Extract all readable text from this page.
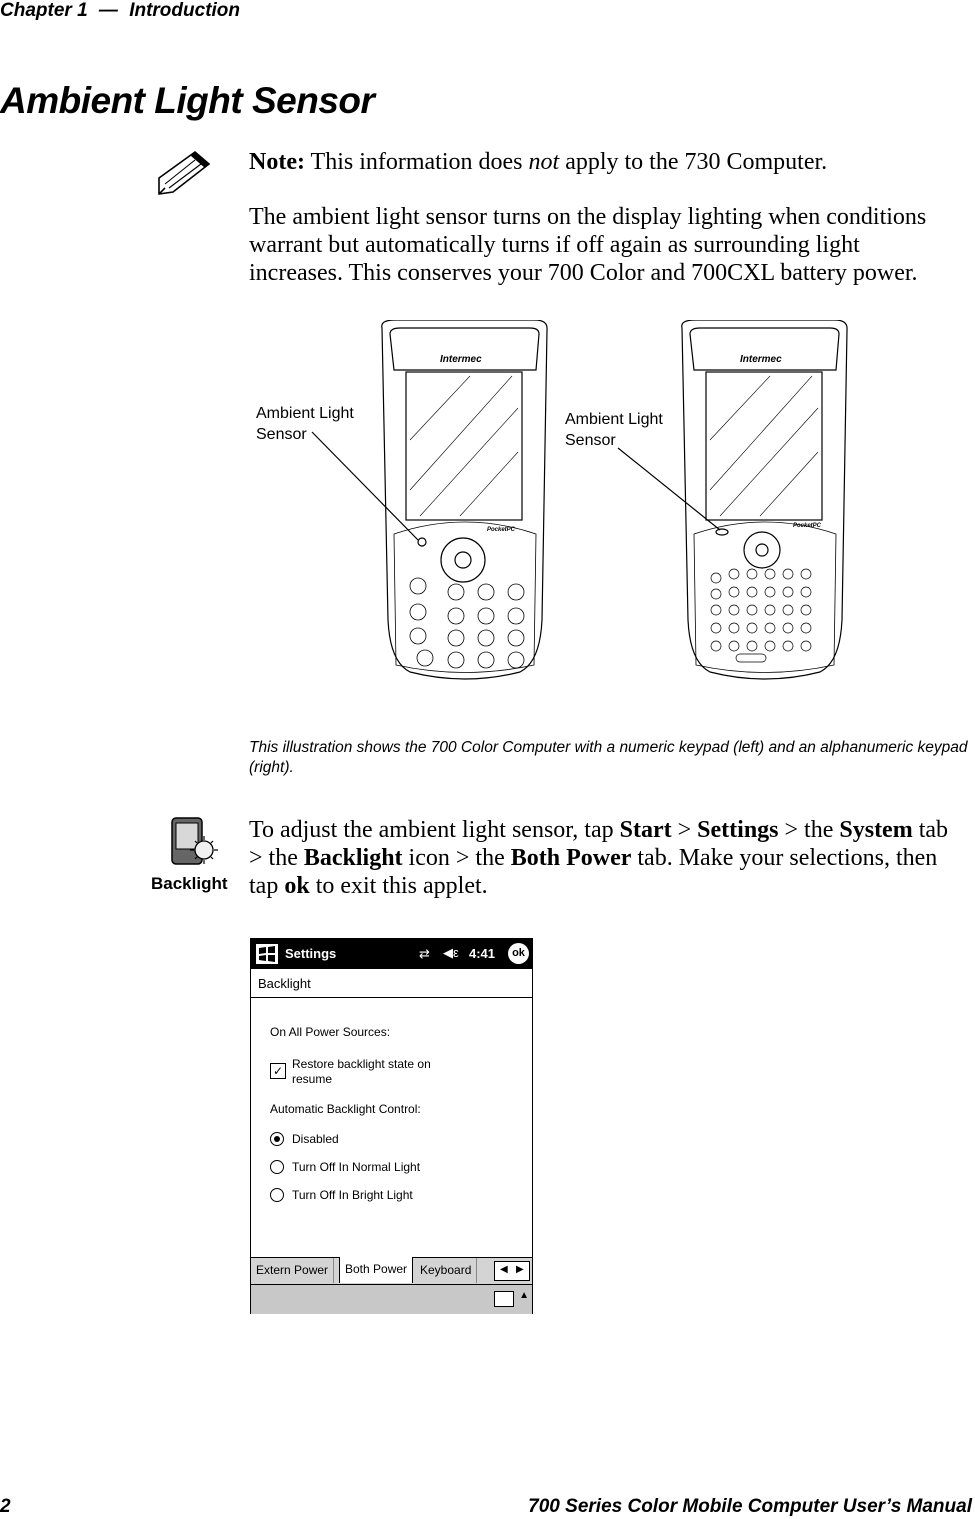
Chapter 1 — Introduction
Ambient Light Sensor
Note: This information does not apply to the 730 Computer.
The ambient light sensor turns on the display lighting when conditions warrant but automatically turns if off again as surrounding light increases. This conserves your 700 Color and 700CXL battery power.
Intermec
PocketPC
Ambient Light
Sensor
Intermec
PocketPC
Ambient Light
Sensor
This illustration shows the 700 Color Computer with a numeric keypad (left) and an alphanumeric keypad (right).
Backlight
To adjust the ambient light sensor, tap Start > Settings > the System tab > the Backlight icon > the Both Power tab. Make your selections, then tap ok to exit this applet.
Settings	⇄ ◀ε 4:41	ok
Backlight
On All Power Sources:
✓ Restore backlight state on resume
Automatic Backlight Control:
Disabled
Turn Off In Normal Light
Turn Off In Bright Light
Extern Power	Both Power	Keyboard	◀ ▶
▲
2	700 Series Color Mobile Computer User’s Manual
